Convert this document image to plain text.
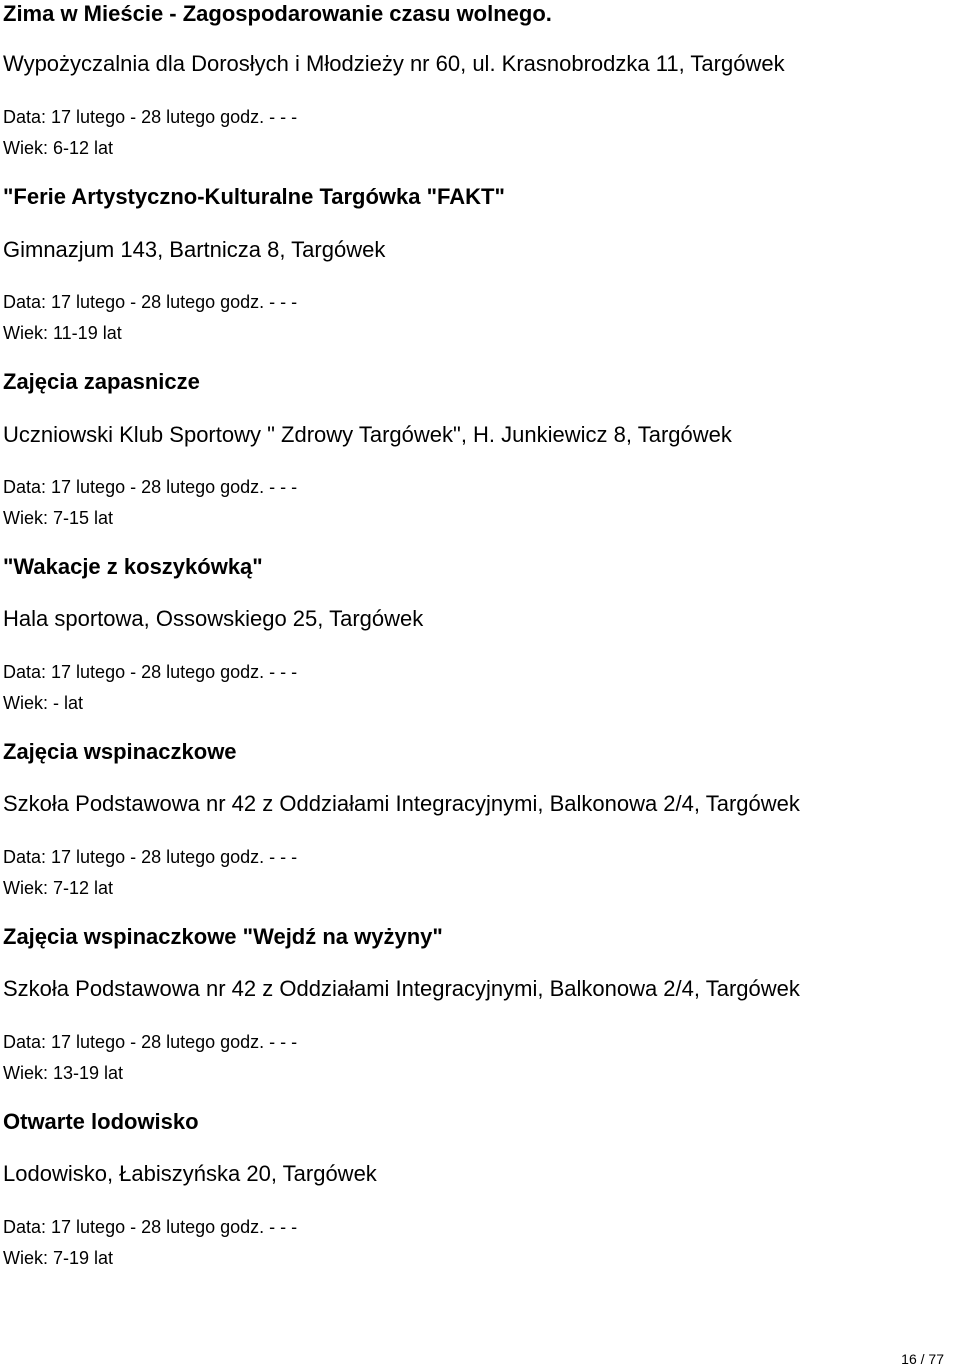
Zima w Mieście - Zagospodarowanie czasu wolnego.
Wypożyczalnia dla Dorosłych i Młodzieży nr 60, ul. Krasnobrodzka 11, Targówek
Data: 17 lutego - 28 lutego godz. - - -
Wiek: 6-12 lat
"Ferie Artystyczno-Kulturalne Targówka "FAKT"
Gimnazjum 143, Bartnicza 8, Targówek
Data: 17 lutego - 28 lutego godz. - - -
Wiek: 11-19 lat
Zajęcia zapasnicze
Uczniowski Klub Sportowy " Zdrowy Targówek", H. Junkiewicz 8, Targówek
Data: 17 lutego - 28 lutego godz. - - -
Wiek: 7-15 lat
"Wakacje z koszykówką"
Hala sportowa, Ossowskiego 25, Targówek
Data: 17 lutego - 28 lutego godz. - - -
Wiek: - lat
Zajęcia wspinaczkowe
Szkoła Podstawowa nr 42 z Oddziałami Integracyjnymi, Balkonowa 2/4, Targówek
Data: 17 lutego - 28 lutego godz. - - -
Wiek: 7-12 lat
Zajęcia wspinaczkowe "Wejdź na wyżyny"
Szkoła Podstawowa nr 42 z Oddziałami Integracyjnymi, Balkonowa 2/4, Targówek
Data: 17 lutego - 28 lutego godz. - - -
Wiek: 13-19 lat
Otwarte lodowisko
Lodowisko, Łabiszyńska 20, Targówek
Data: 17 lutego - 28 lutego godz. - - -
Wiek: 7-19 lat
16 / 77
